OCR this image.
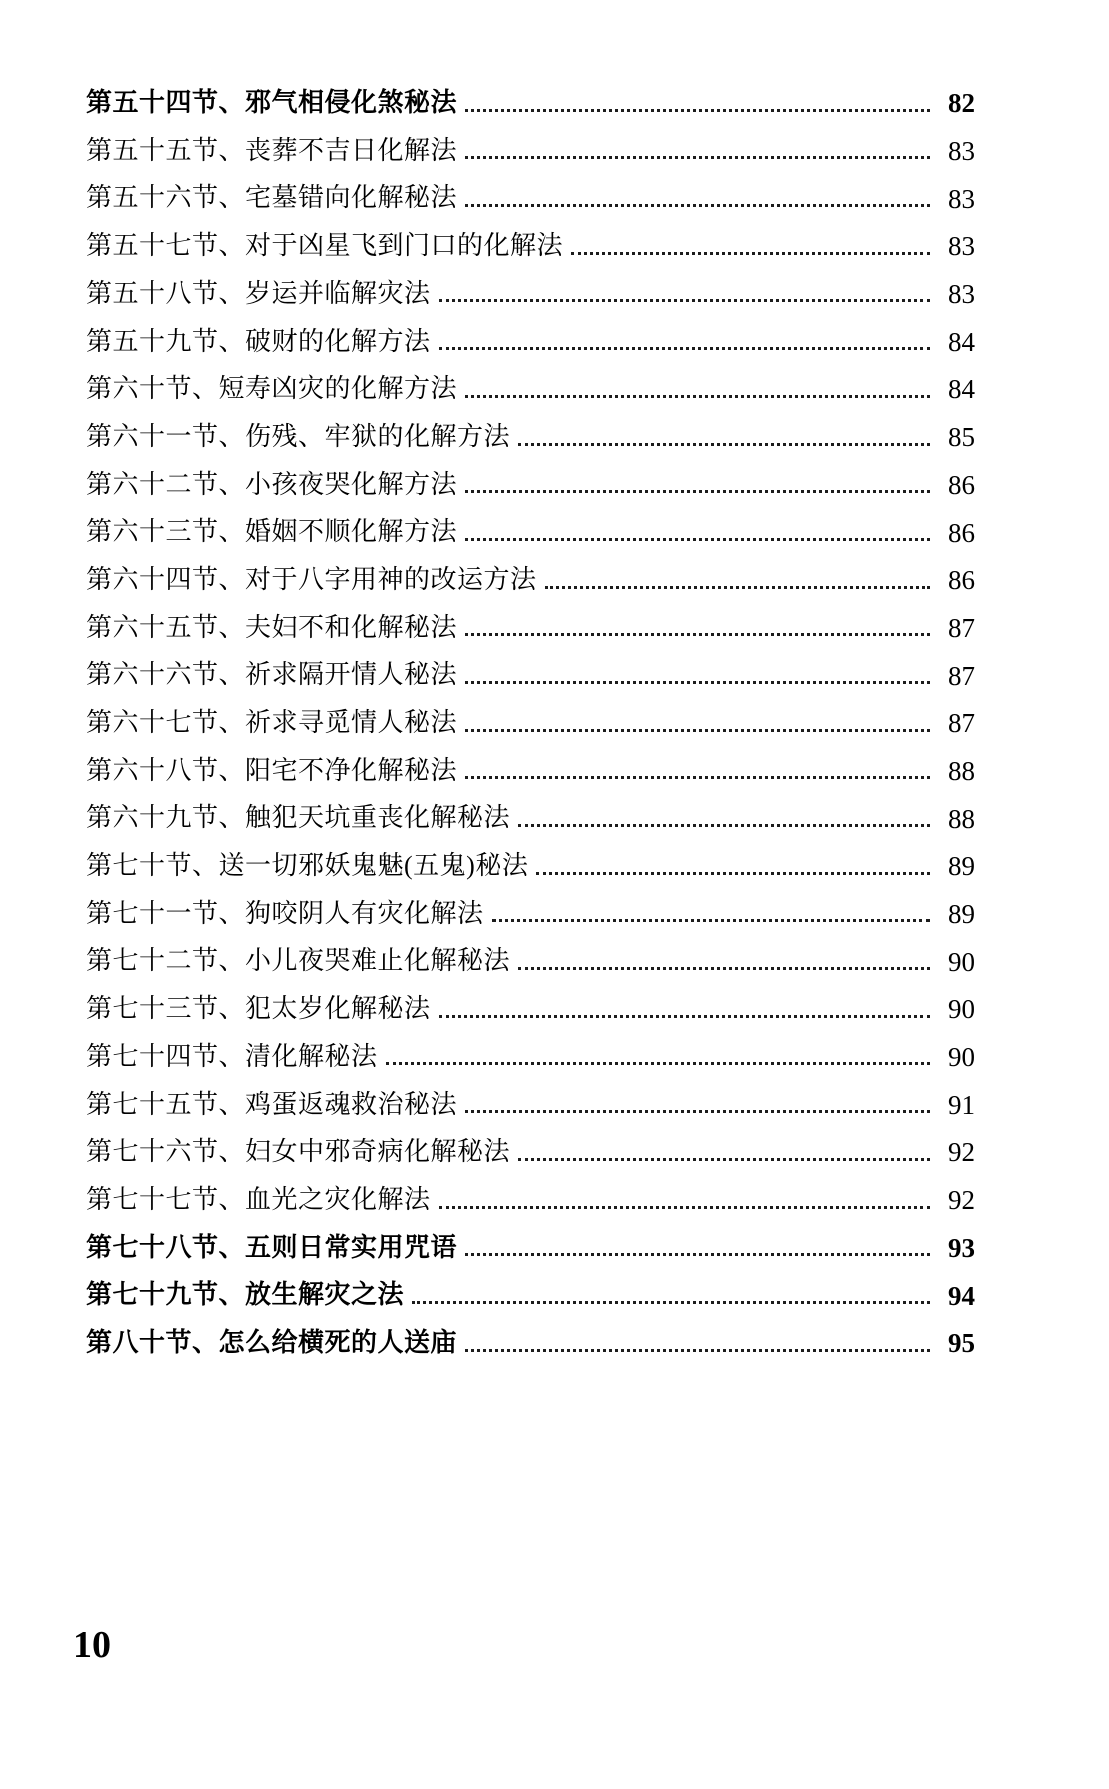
第五十四节、邪气相侵化煞秘法	82
第五十五节、丧葬不吉日化解法	83
第五十六节、宅墓错向化解秘法	83
第五十七节、对于凶星飞到门口的化解法	83
第五十八节、岁运并临解灾法	83
第五十九节、破财的化解方法	84
第六十节、短寿凶灾的化解方法	84
第六十一节、伤残、牢狱的化解方法	85
第六十二节、小孩夜哭化解方法	86
第六十三节、婚姻不顺化解方法	86
第六十四节、对于八字用神的改运方法	86
第六十五节、夫妇不和化解秘法	87
第六十六节、祈求隔开情人秘法	87
第六十七节、祈求寻觅情人秘法	87
第六十八节、阳宅不净化解秘法	88
第六十九节、触犯天坑重丧化解秘法	88
第七十节、送一切邪妖鬼魅(五鬼)秘法	89
第七十一节、狗咬阴人有灾化解法	89
第七十二节、小儿夜哭难止化解秘法	90
第七十三节、犯太岁化解秘法	90
第七十四节、清化解秘法	90
第七十五节、鸡蛋返魂救治秘法	91
第七十六节、妇女中邪奇病化解秘法	92
第七十七节、血光之灾化解法	92
第七十八节、五则日常实用咒语	93
第七十九节、放生解灾之法	94
第八十节、怎么给横死的人送庙	95
10
